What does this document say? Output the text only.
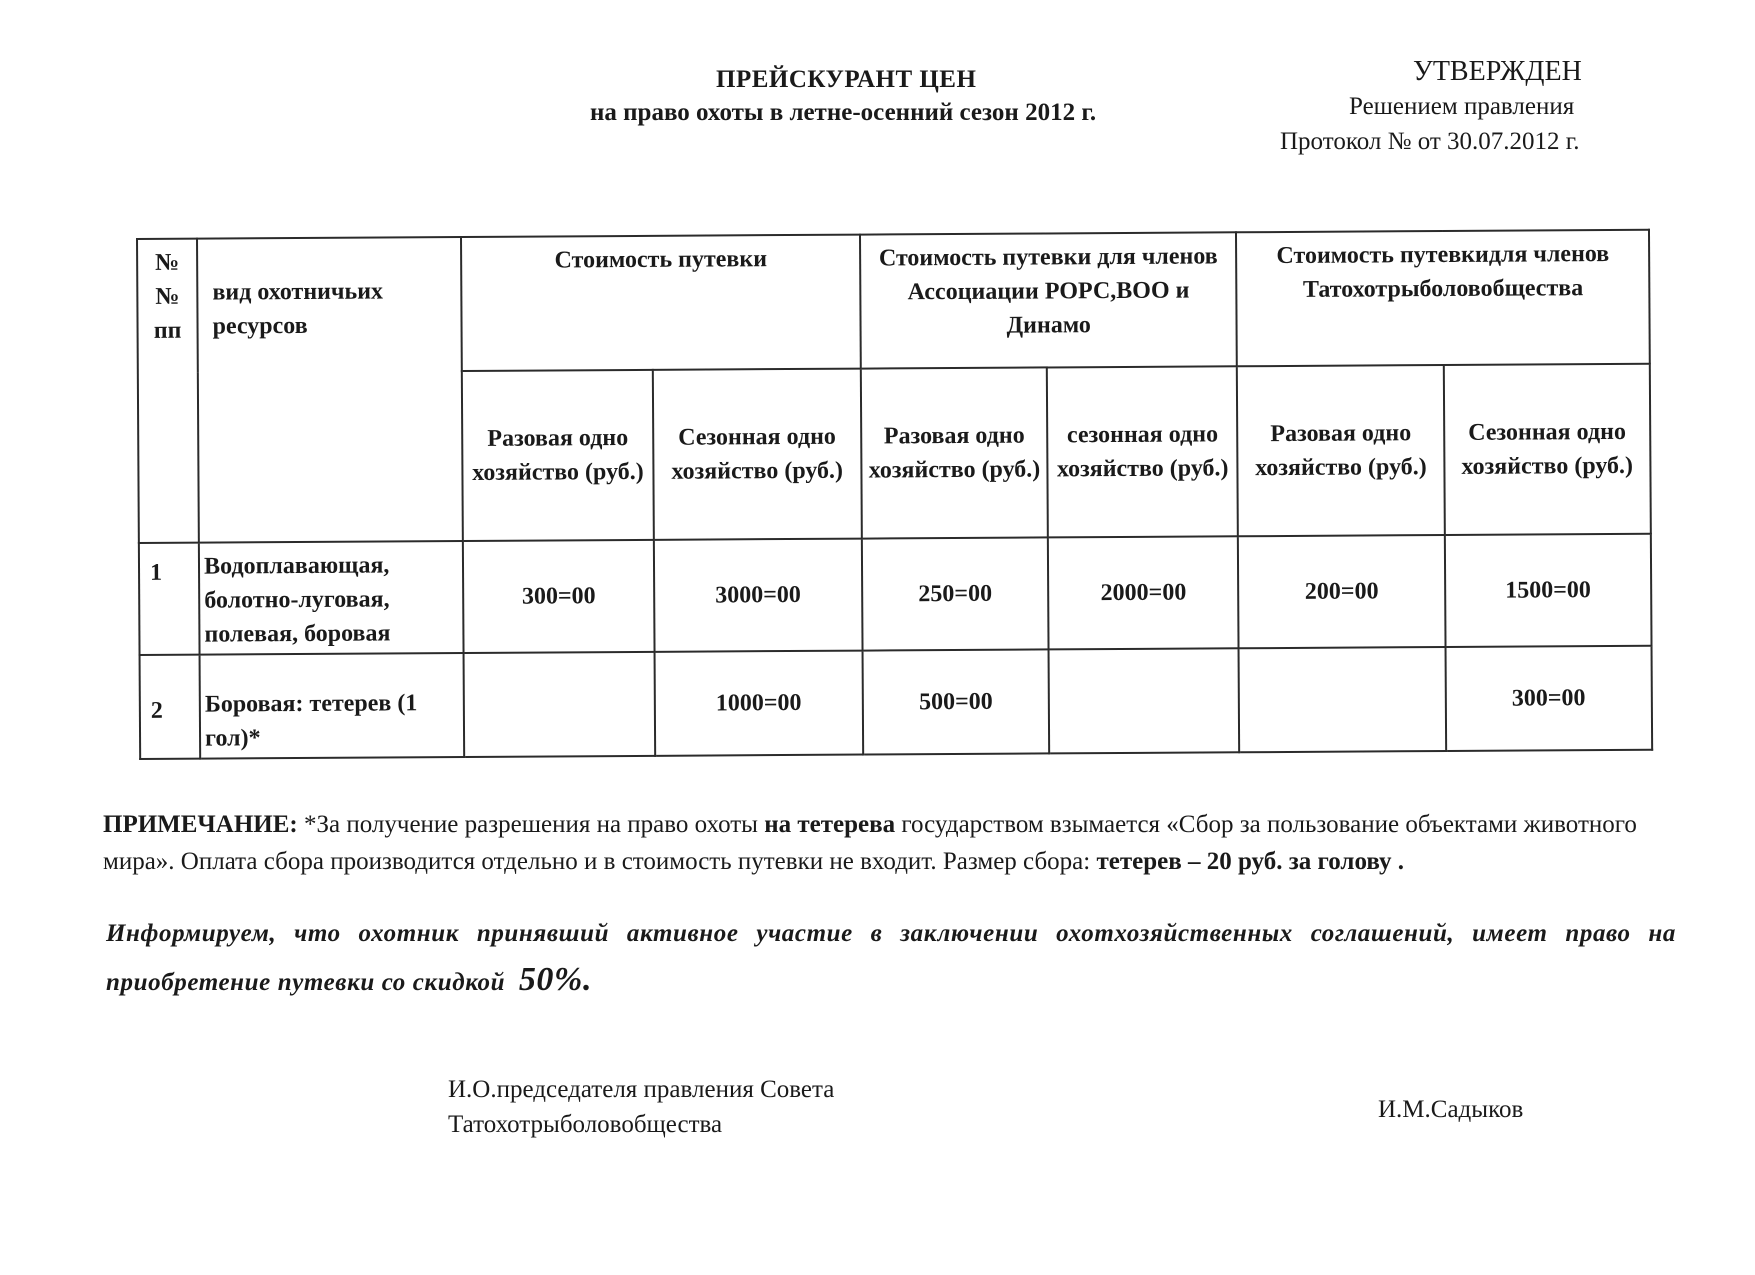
ПРЕЙСКУРАНТ ЦЕН
на право охоты в летне-осенний сезон 2012 г.
УТВЕРЖДЕН
Решением правления
Протокол № от 30.07.2012 г.
№ № пп	вид охотничьих ресурсов	Стоимость путевки		Стоимость путевки для членов Ассоциации РОРС,ВОО и Динамо		Стоимость путевкидля членов Татохотрыболовобщества	
		Разовая одно хозяйство (руб.)	Сезонная одно хозяйство (руб.)	Разовая одно хозяйство (руб.)	сезонная одно хозяйство (руб.)	Разовая одно хозяйство (руб.)	Сезонная одно хозяйство (руб.)
1	Водоплавающая, болотно-луговая, полевая, боровая	300=00	3000=00	250=00	2000=00	200=00	1500=00
2	Боровая: тетерев (1 гол)*		1000=00	500=00			300=00
ПРИМЕЧАНИЕ: *За получение разрешения на право охоты на тетерева государством взымается «Сбор за пользование объектами животного мира». Оплата сбора производится отдельно и в стоимость путевки не входит. Размер сбора: тетерев – 20 руб. за голову .
Информируем, что охотник принявший активное участие в заключении охотхозяйственных соглашений, имеет право на приобретение путевки со скидкой 50%.
И.О.председателя правления Совета
Татохотрыболовобщества
И.М.Садыков
